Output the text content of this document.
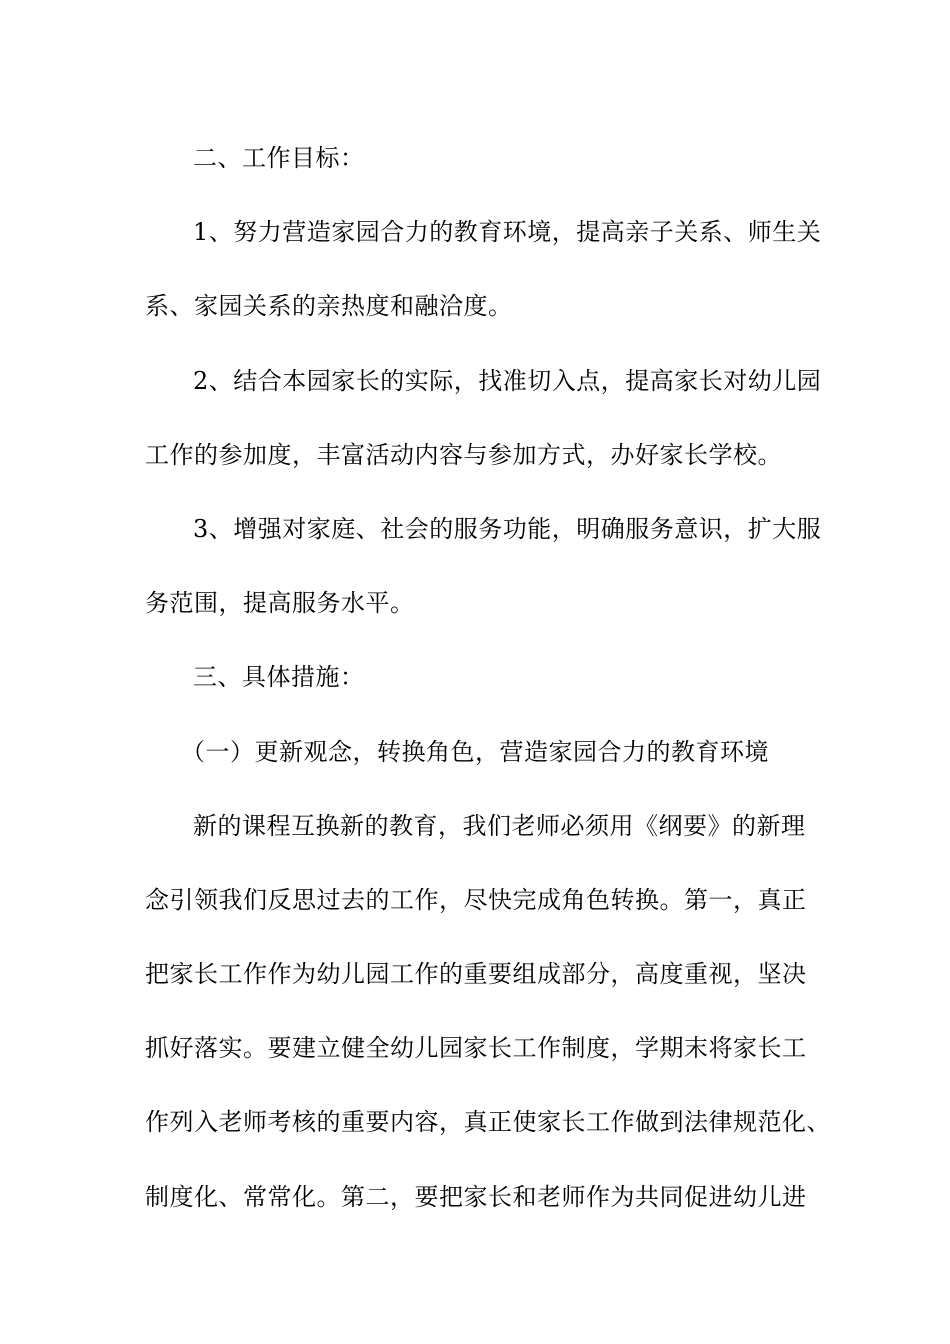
二、工作目标：
1、努力营造家园合力的教育环境，提高亲子关系、师生关
系、家园关系的亲热度和融洽度。
2、结合本园家长的实际，找准切入点，提高家长对幼儿园
工作的参加度，丰富活动内容与参加方式，办好家长学校。
3、增强对家庭、社会的服务功能，明确服务意识，扩大服
务范围，提高服务水平。
三、具体措施：
（一）更新观念，转换角色，营造家园合力的教育环境
新的课程互换新的教育，我们老师必须用《纲要》的新理
念引领我们反思过去的工作，尽快完成角色转换。第一，真正
把家长工作作为幼儿园工作的重要组成部分，高度重视，坚决
抓好落实。要建立健全幼儿园家长工作制度，学期末将家长工
作列入老师考核的重要内容，真正使家长工作做到法律规范化、
制度化、常常化。第二，要把家长和老师作为共同促进幼儿进
